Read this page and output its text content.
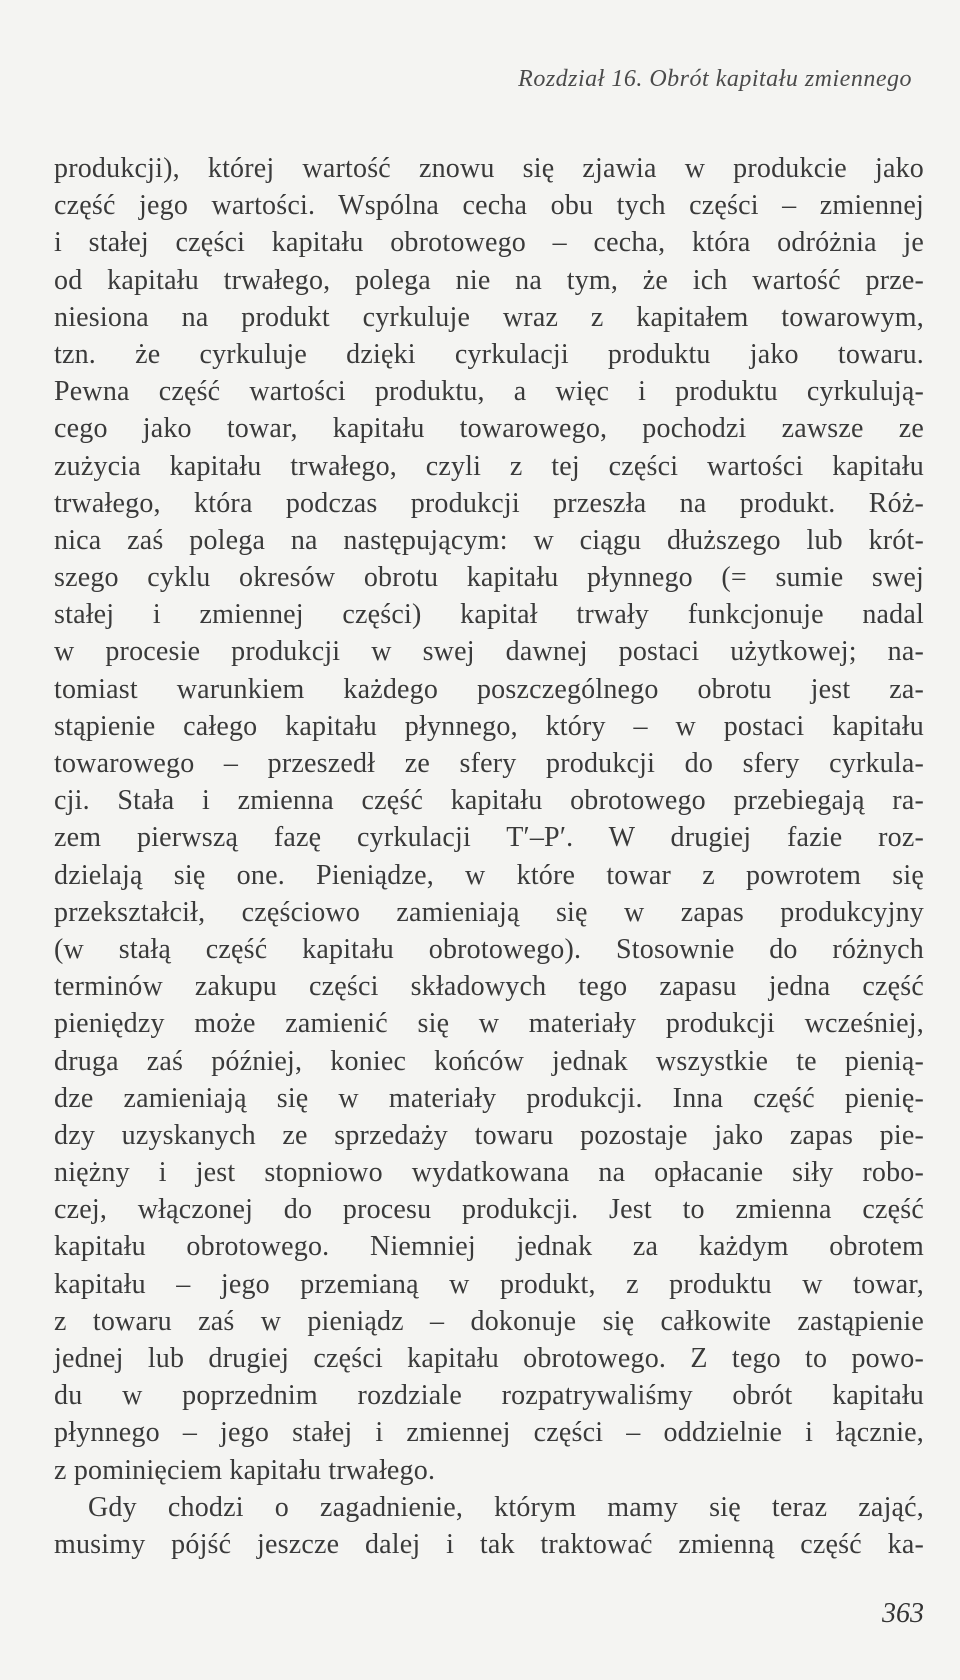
Rozdział 16. Obrót kapitału zmiennego
produkcji), której wartość znowu się zjawia w produkcie jako
część jego wartości. Wspólna cecha obu tych części – zmiennej
i stałej części kapitału obrotowego – cecha, która odróżnia je
od kapitału trwałego, polega nie na tym, że ich wartość prze-
niesiona na produkt cyrkuluje wraz z kapitałem towarowym,
tzn. że cyrkuluje dzięki cyrkulacji produktu jako towaru.
Pewna część wartości produktu, a więc i produktu cyrkulują-
cego jako towar, kapitału towarowego, pochodzi zawsze ze
zużycia kapitału trwałego, czyli z tej części wartości kapitału
trwałego, która podczas produkcji przeszła na produkt. Róż-
nica zaś polega na następującym: w ciągu dłuższego lub krót-
szego cyklu okresów obrotu kapitału płynnego (= sumie swej
stałej i zmiennej części) kapitał trwały funkcjonuje nadal
w procesie produkcji w swej dawnej postaci użytkowej; na-
tomiast warunkiem każdego poszczególnego obrotu jest za-
stąpienie całego kapitału płynnego, który – w postaci kapitału
towarowego – przeszedł ze sfery produkcji do sfery cyrkula-
cji. Stała i zmienna część kapitału obrotowego przebiegają ra-
zem pierwszą fazę cyrkulacji T′–P′. W drugiej fazie roz-
dzielają się one. Pieniądze, w które towar z powrotem się
przekształcił, częściowo zamieniają się w zapas produkcyjny
(w stałą część kapitału obrotowego). Stosownie do różnych
terminów zakupu części składowych tego zapasu jedna część
pieniędzy może zamienić się w materiały produkcji wcześniej,
druga zaś później, koniec końców jednak wszystkie te pienią-
dze zamieniają się w materiały produkcji. Inna część pienię-
dzy uzyskanych ze sprzedaży towaru pozostaje jako zapas pie-
niężny i jest stopniowo wydatkowana na opłacanie siły robo-
czej, włączonej do procesu produkcji. Jest to zmienna część
kapitału obrotowego. Niemniej jednak za każdym obrotem
kapitału – jego przemianą w produkt, z produktu w towar,
z towaru zaś w pieniądz – dokonuje się całkowite zastąpienie
jednej lub drugiej części kapitału obrotowego. Z tego to powo-
du w poprzednim rozdziale rozpatrywaliśmy obrót kapitału
płynnego – jego stałej i zmiennej części – oddzielnie i łącznie,
z pominięciem kapitału trwałego.
Gdy chodzi o zagadnienie, którym mamy się teraz zająć,
musimy pójść jeszcze dalej i tak traktować zmienną część ka-
363
